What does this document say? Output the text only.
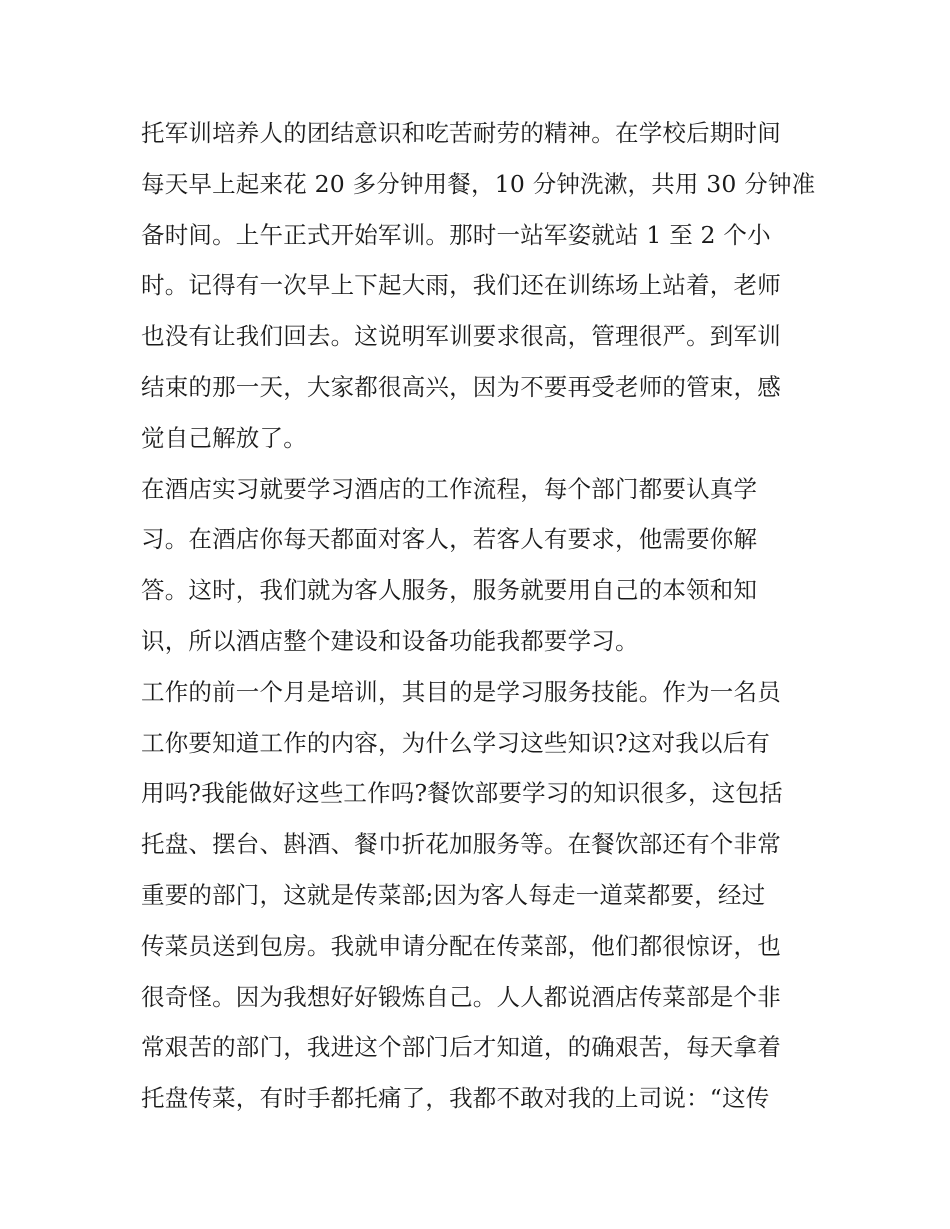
托军训培养人的团结意识和吃苦耐劳的精神。在学校后期时间
每天早上起来花 20 多分钟用餐，10 分钟洗漱，共用 30 分钟准
备时间。上午正式开始军训。那时一站军姿就站 1 至 2 个小
时。记得有一次早上下起大雨，我们还在训练场上站着，老师
也没有让我们回去。这说明军训要求很高，管理很严。到军训
结束的那一天，大家都很高兴，因为不要再受老师的管束，感
觉自己解放了。
在酒店实习就要学习酒店的工作流程，每个部门都要认真学
习。在酒店你每天都面对客人，若客人有要求，他需要你解
答。这时，我们就为客人服务，服务就要用自己的本领和知
识，所以酒店整个建设和设备功能我都要学习。
工作的前一个月是培训，其目的是学习服务技能。作为一名员
工你要知道工作的内容，为什么学习这些知识?这对我以后有
用吗?我能做好这些工作吗?餐饮部要学习的知识很多，这包括
托盘、摆台、斟酒、餐巾折花加服务等。在餐饮部还有个非常
重要的部门，这就是传菜部;因为客人每走一道菜都要，经过
传菜员送到包房。我就申请分配在传菜部，他们都很惊讶，也
很奇怪。因为我想好好锻炼自己。人人都说酒店传菜部是个非
常艰苦的部门，我进这个部门后才知道，的确艰苦，每天拿着
托盘传菜，有时手都托痛了，我都不敢对我的上司说：“这传
